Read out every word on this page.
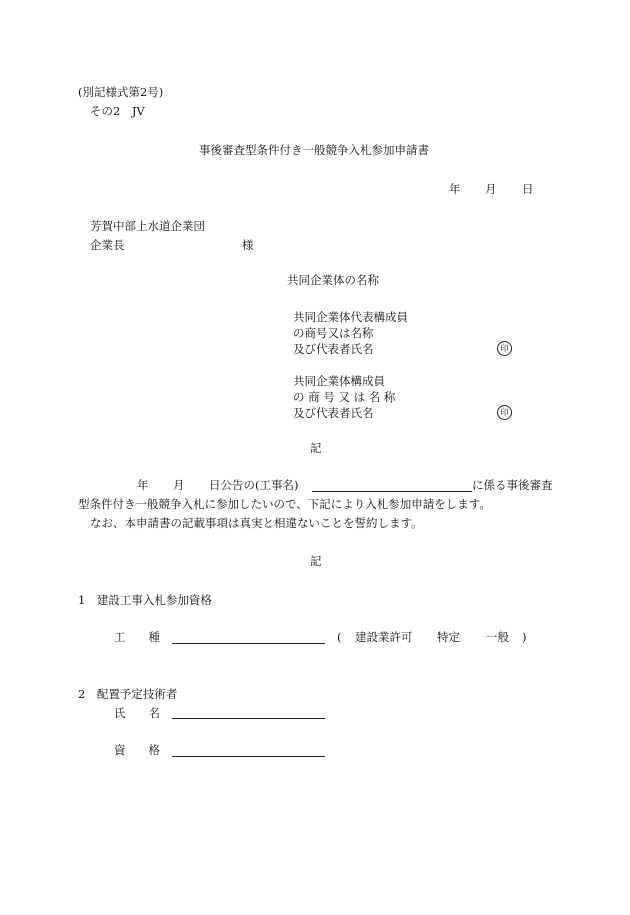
(別記様式第2号)
その2　JV
事後審査型条件付き一般競争入札参加申請書
年 月 日
芳賀中部上水道企業団
企業長	様
共同企業体の名称
共同企業体代表構成員
の商号又は名称
及び代表者氏名	印
共同企業体構成員
の 商 号 又 は 名 称
及び代表者氏名	印
記
年 月 日公告の(工事名)	に係る事後審査
型条件付き一般競争入札に参加したいので、下記により入札参加申請をします。
なお、本申請書の記載事項は真実と相違ないことを誓約します。
記
1　建設工事入札参加資格
工　　種	( 建設業許可 特定 一般 )
2　配置予定技術者
氏　　名
資　　格
